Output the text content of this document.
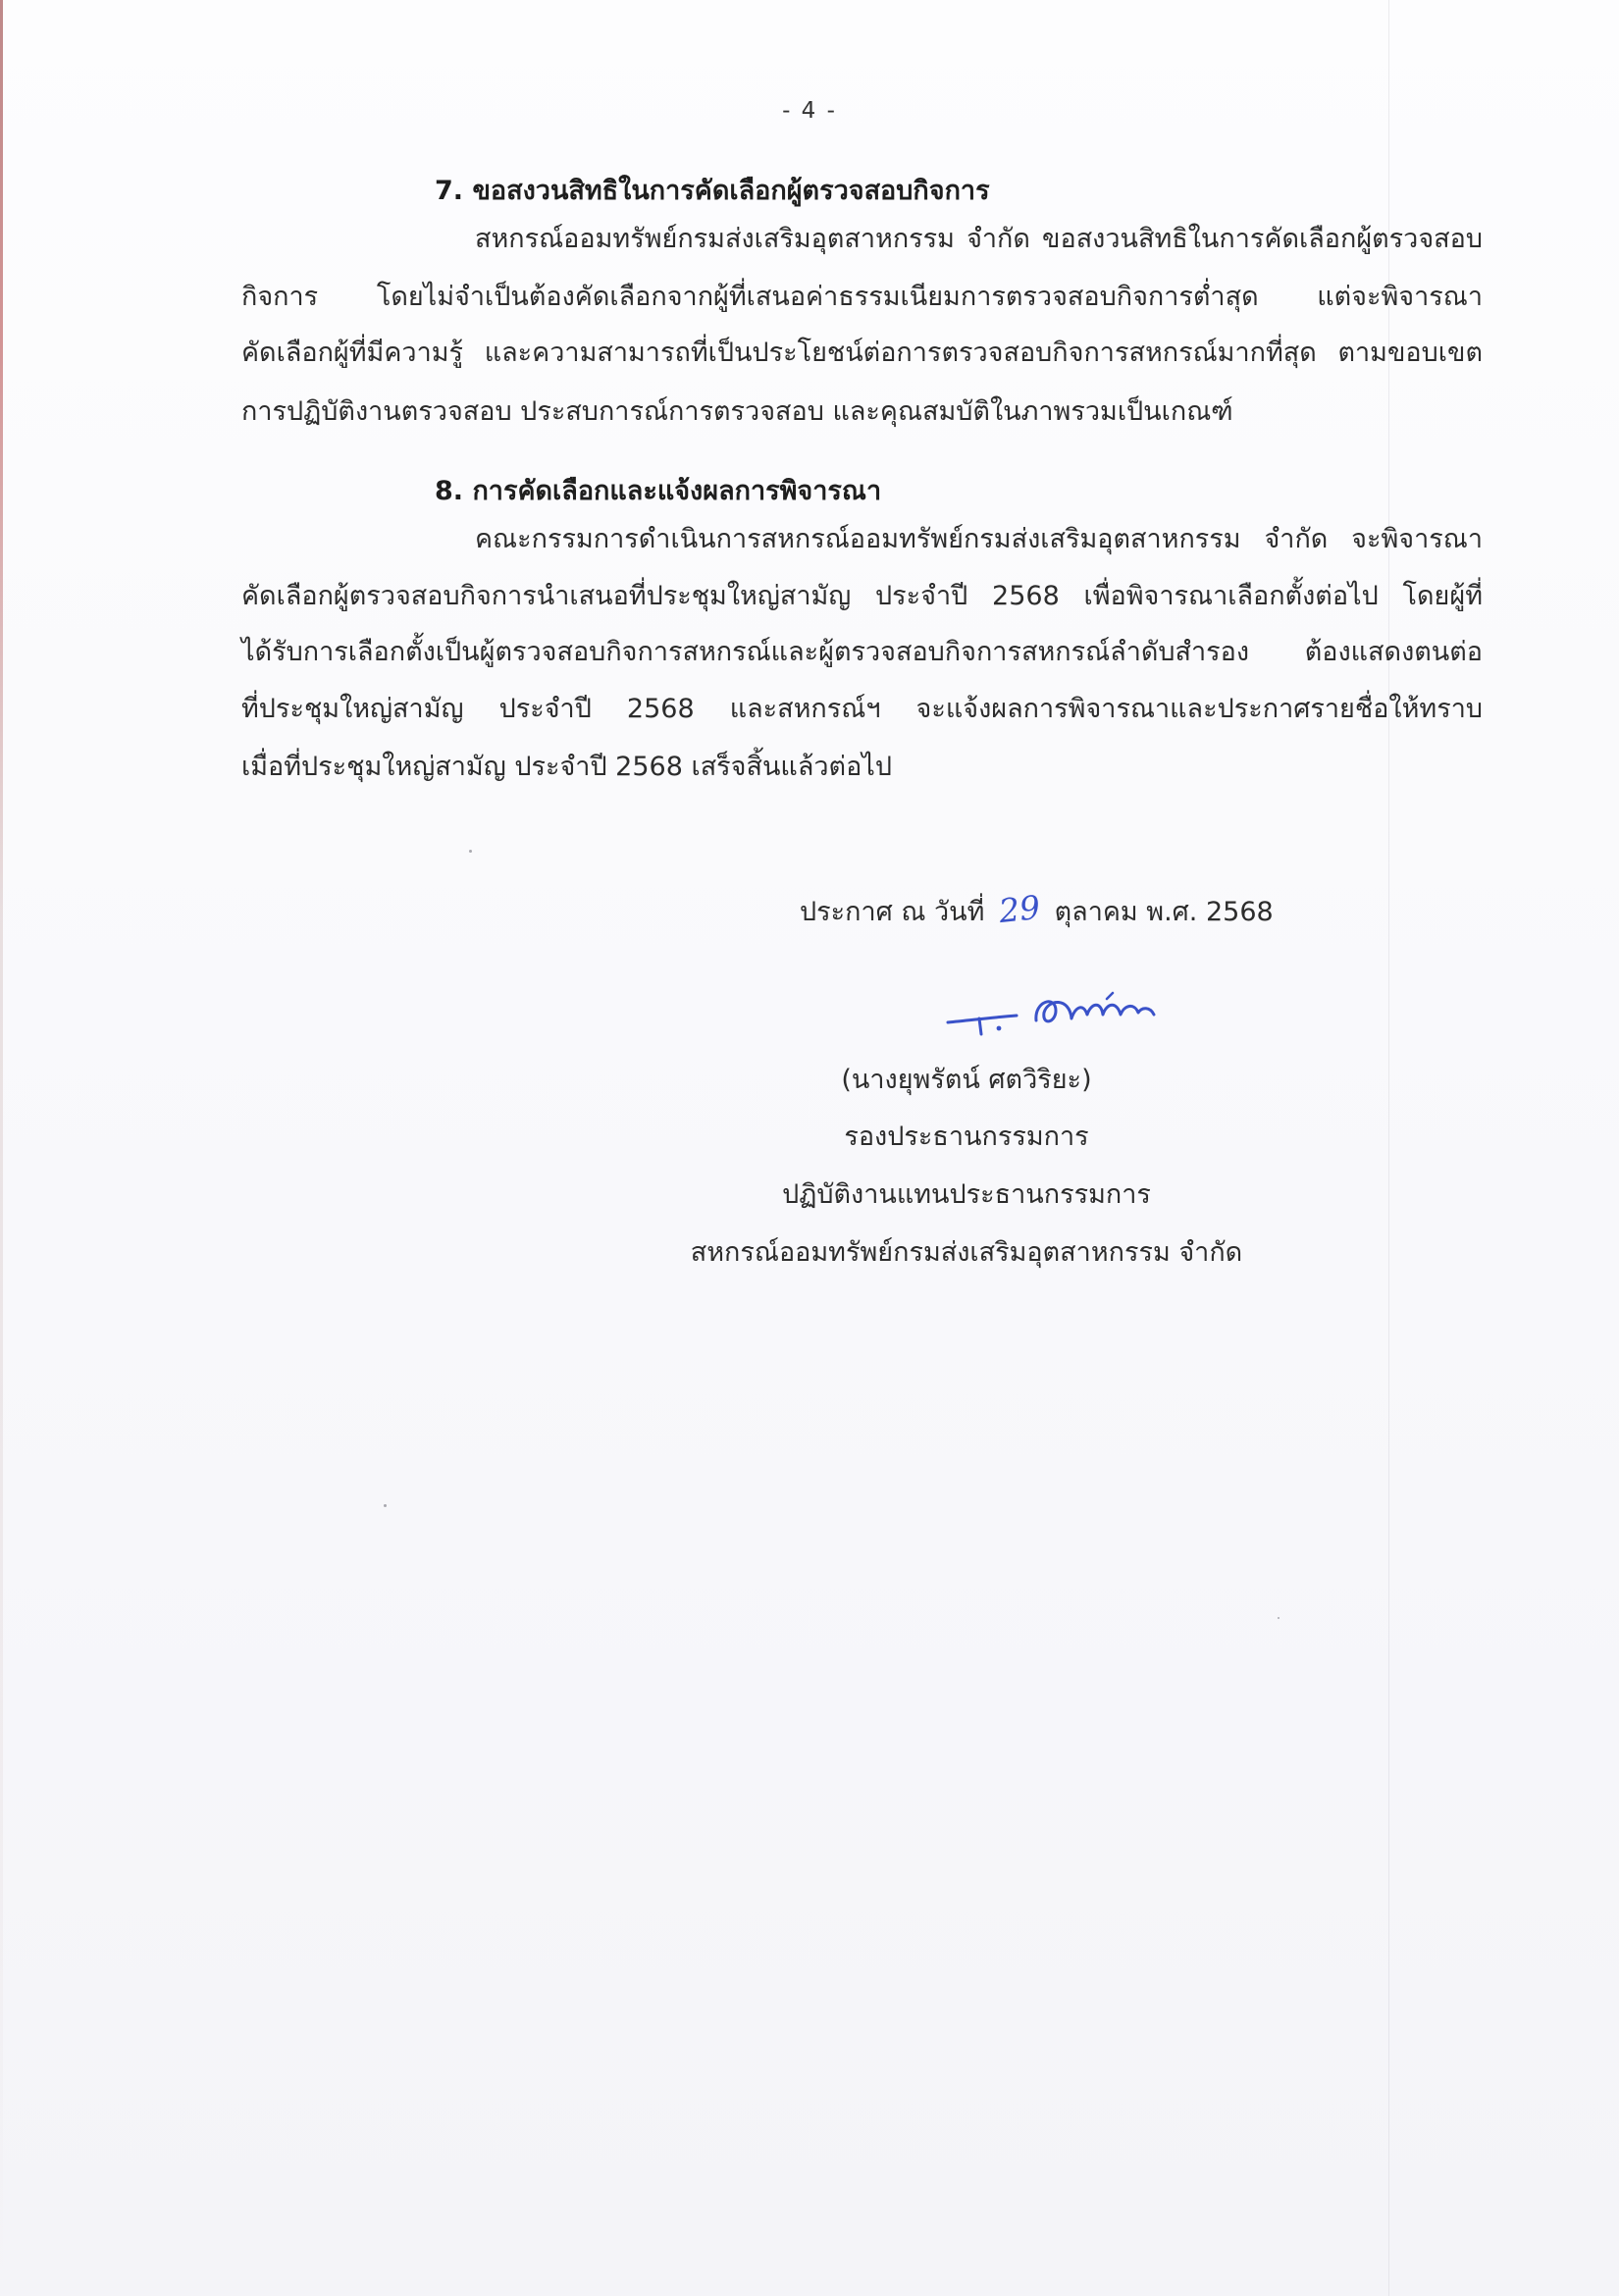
- 4 -
7. ขอสงวนสิทธิในการคัดเลือกผู้ตรวจสอบกิจการ
สหกรณ์ออมทรัพย์กรมส่งเสริมอุตสาหกรรม จำกัด ขอสงวนสิทธิในการคัดเลือกผู้ตรวจสอบ
กิจการ โดยไม่จำเป็นต้องคัดเลือกจากผู้ที่เสนอค่าธรรมเนียมการตรวจสอบกิจการต่ำสุด แต่จะพิจารณา
คัดเลือกผู้ที่มีความรู้ และความสามารถที่เป็นประโยชน์ต่อการตรวจสอบกิจการสหกรณ์มากที่สุด ตามขอบเขต
การปฏิบัติงานตรวจสอบ ประสบการณ์การตรวจสอบ และคุณสมบัติในภาพรวมเป็นเกณฑ์
8. การคัดเลือกและแจ้งผลการพิจารณา
คณะกรรมการดำเนินการสหกรณ์ออมทรัพย์กรมส่งเสริมอุตสาหกรรม จำกัด จะพิจารณา
คัดเลือกผู้ตรวจสอบกิจการนำเสนอที่ประชุมใหญ่สามัญ ประจำปี 2568 เพื่อพิจารณาเลือกตั้งต่อไป โดยผู้ที่
ได้รับการเลือกตั้งเป็นผู้ตรวจสอบกิจการสหกรณ์และผู้ตรวจสอบกิจการสหกรณ์ลำดับสำรอง ต้องแสดงตนต่อ
ที่ประชุมใหญ่สามัญ ประจำปี 2568 และสหกรณ์ฯ จะแจ้งผลการพิจารณาและประกาศรายชื่อให้ทราบ
เมื่อที่ประชุมใหญ่สามัญ ประจำปี 2568 เสร็จสิ้นแล้วต่อไป
ประกาศ ณ วันที่ 29 ตุลาคม พ.ศ. 2568
(นางยุพรัตน์ ศตวิริยะ)
รองประธานกรรมการ
ปฏิบัติงานแทนประธานกรรมการ
สหกรณ์ออมทรัพย์กรมส่งเสริมอุตสาหกรรม จำกัด
